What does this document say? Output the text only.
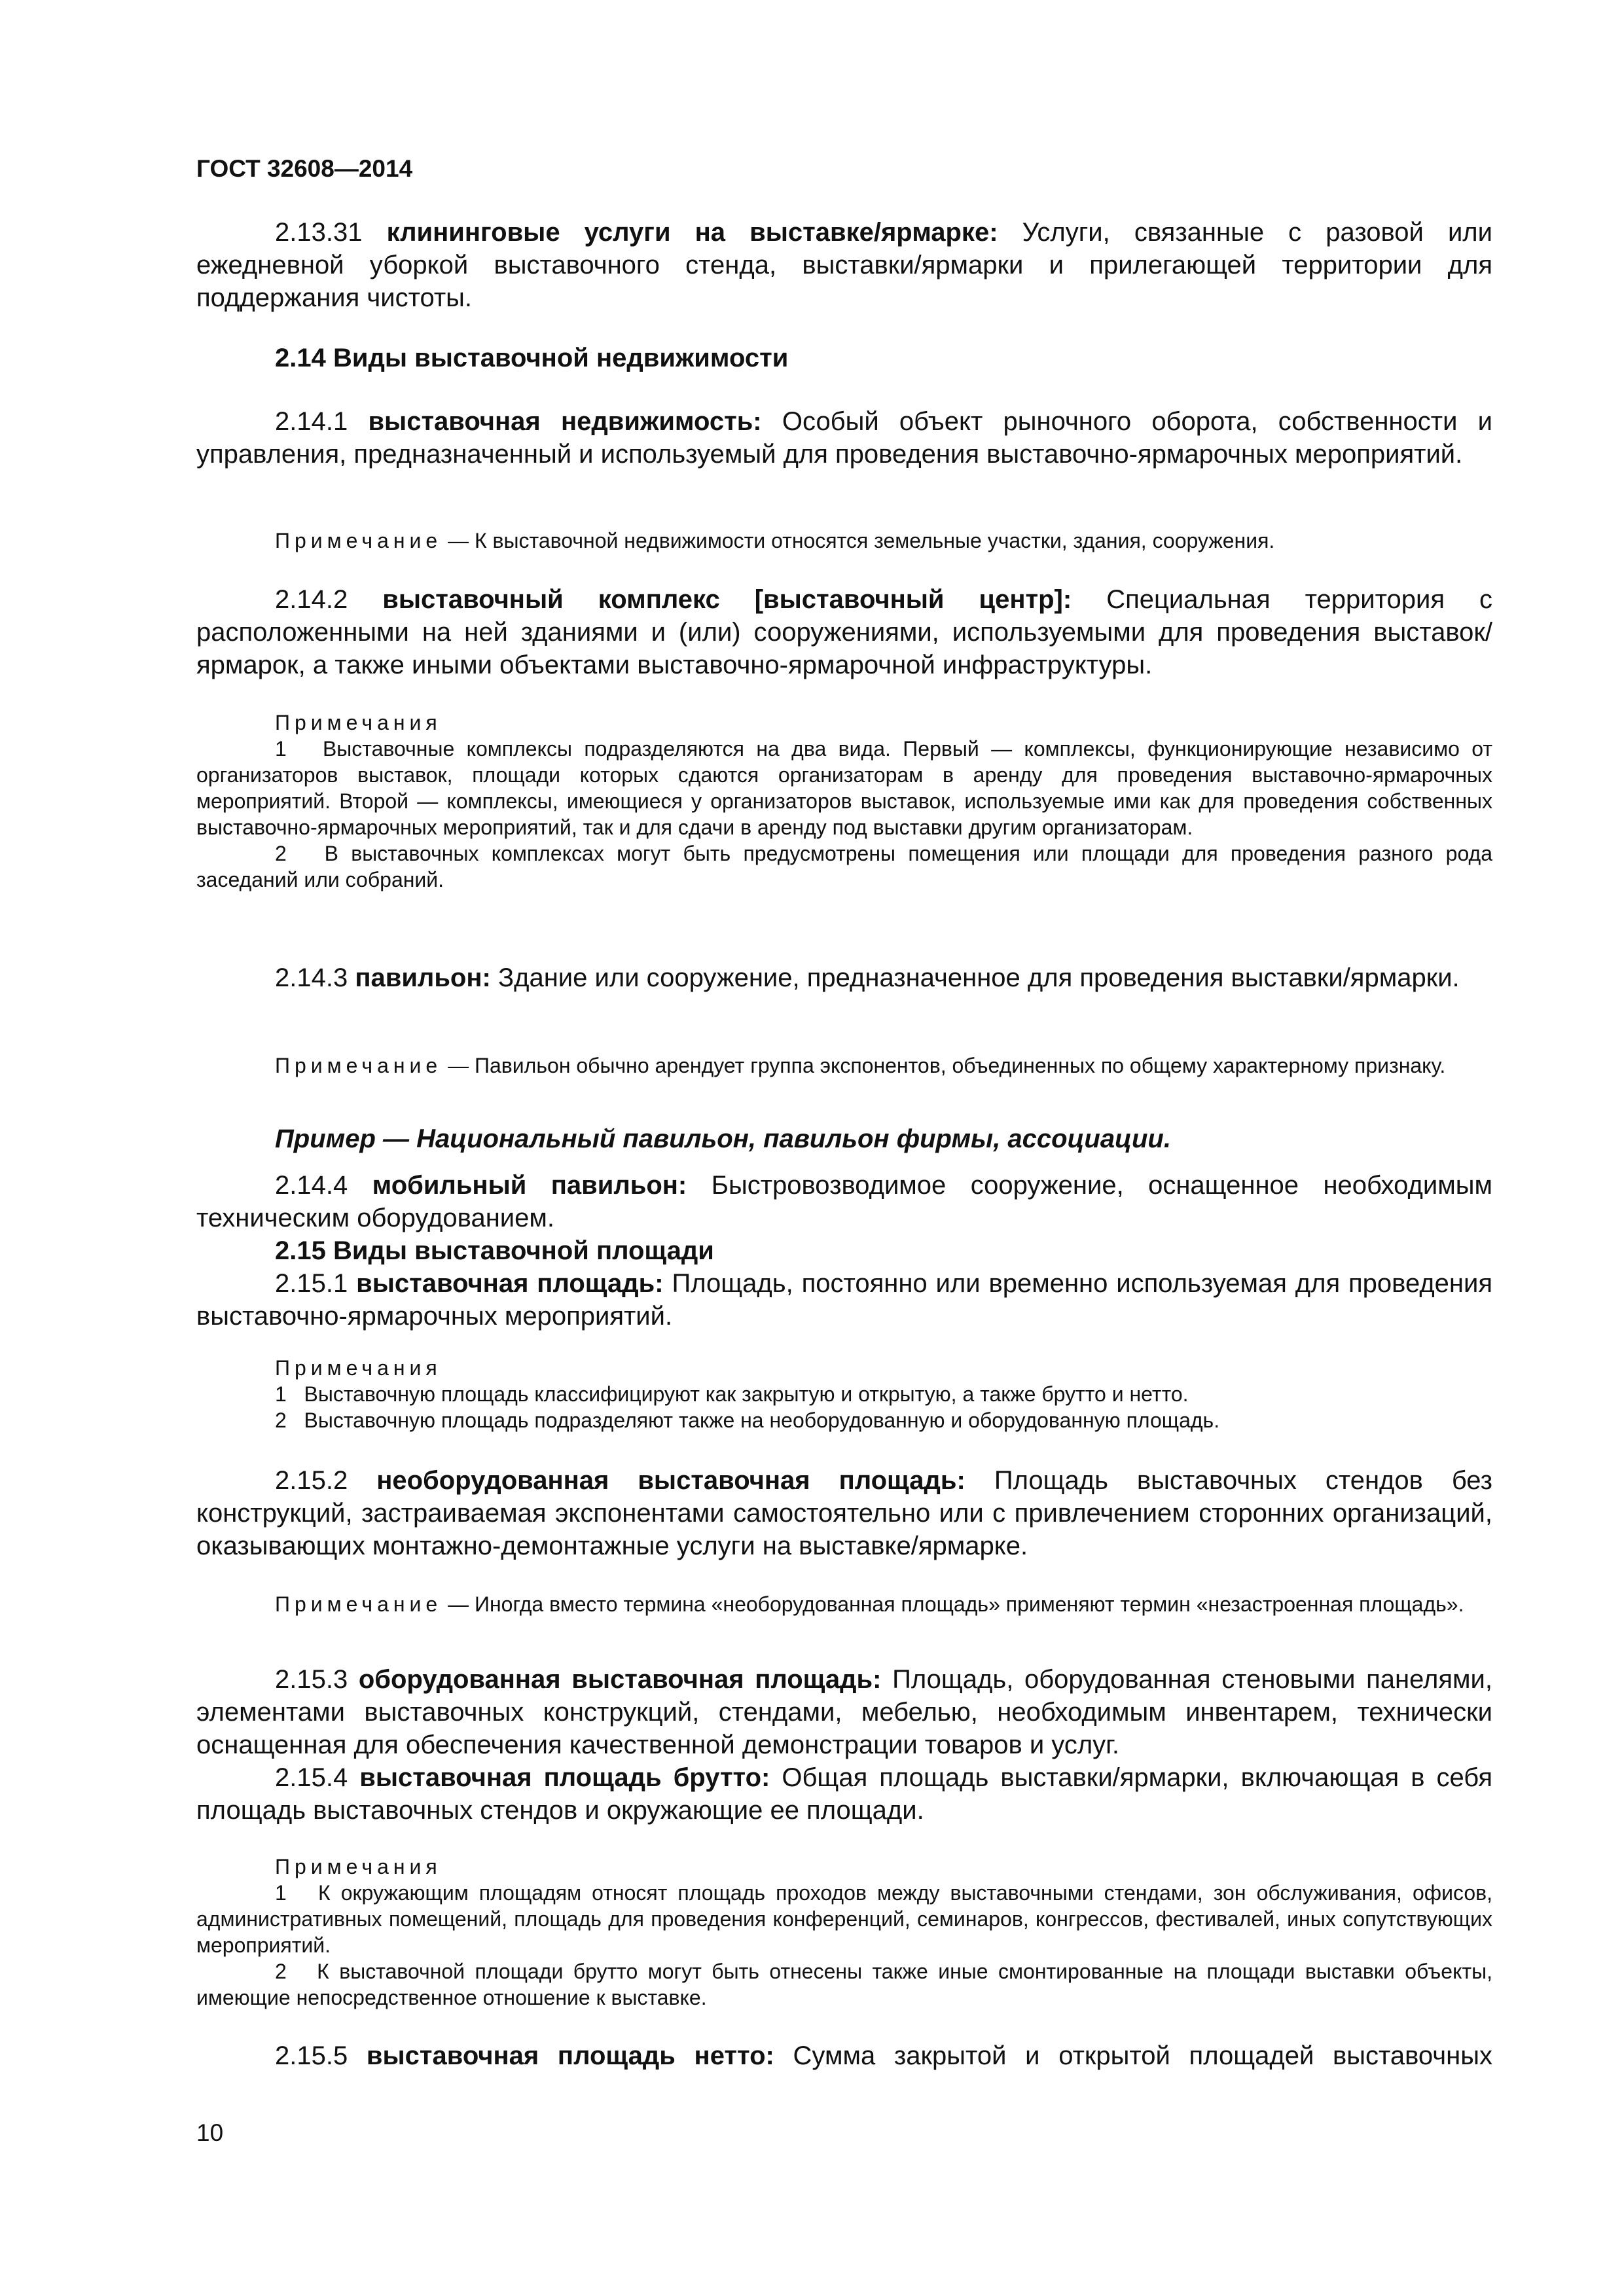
ГОСТ 32608—2014

2.13.31 клининговые услуги на выставке/ярмарке: Услуги, связанные с разовой или ежедневной уборкой выставочного стенда, выставки/ярмарки и прилегающей территории для поддержания чистоты.

2.14 Виды выставочной недвижимости

2.14.1 выставочная недвижимость: Особый объект рыночного оборота, собственности и управления, предназначенный и используемый для проведения выставочно-ярмарочных мероприятий.

Примечание — К выставочной недвижимости относятся земельные участки, здания, сооружения.

2.14.2 выставочный комплекс [выставочный центр]: Специальная территория с расположенными на ней зданиями и (или) сооружениями, используемыми для проведения выставок/ярмарок, а также иными объектами выставочно-ярмарочной инфраструктуры.

Примечания

1 Выставочные комплексы подразделяются на два вида. Первый — комплексы, функционирующие независимо от организаторов выставок, площади которых сдаются организаторам в аренду для проведения выставочно-ярмарочных мероприятий. Второй — комплексы, имеющиеся у организаторов выставок, используемые ими как для проведения собственных выставочно-ярмарочных мероприятий, так и для сдачи в аренду под выставки другим организаторам.

2 В выставочных комплексах могут быть предусмотрены помещения или площади для проведения разного рода заседаний или собраний.

2.14.3 павильон: Здание или сооружение, предназначенное для проведения выставки/ярмарки.

Примечание — Павильон обычно арендует группа экспонентов, объединенных по общему характерному признаку.

Пример — Национальный павильон, павильон фирмы, ассоциации.

2.14.4 мобильный павильон: Быстровозводимое сооружение, оснащенное необходимым техническим оборудованием.

2.15 Виды выставочной площади

2.15.1 выставочная площадь: Площадь, постоянно или временно используемая для проведения выставочно-ярмарочных мероприятий.

Примечания

1 Выставочную площадь классифицируют как закрытую и открытую, а также брутто и нетто.

2 Выставочную площадь подразделяют также на необорудованную и оборудованную площадь.

2.15.2 необорудованная выставочная площадь: Площадь выставочных стендов без конструкций, застраиваемая экспонентами самостоятельно или с привлечением сторонних организаций, оказывающих монтажно-демонтажные услуги на выставке/ярмарке.

Примечание — Иногда вместо термина «необорудованная площадь» применяют термин «незастроенная площадь».

2.15.3 оборудованная выставочная площадь: Площадь, оборудованная стеновыми панелями, элементами выставочных конструкций, стендами, мебелью, необходимым инвентарем, технически оснащенная для обеспечения качественной демонстрации товаров и услуг.

2.15.4 выставочная площадь брутто: Общая площадь выставки/ярмарки, включающая в себя площадь выставочных стендов и окружающие ее площади.

Примечания

1 К окружающим площадям относят площадь проходов между выставочными стендами, зон обслуживания, офисов, административных помещений, площадь для проведения конференций, семинаров, конгрессов, фестивалей, иных сопутствующих мероприятий.

2 К выставочной площади брутто могут быть отнесены также иные смонтированные на площади выставки объекты, имеющие непосредственное отношение к выставке.

2.15.5 выставочная площадь нетто: Сумма закрытой и открытой площадей выставочных

10
